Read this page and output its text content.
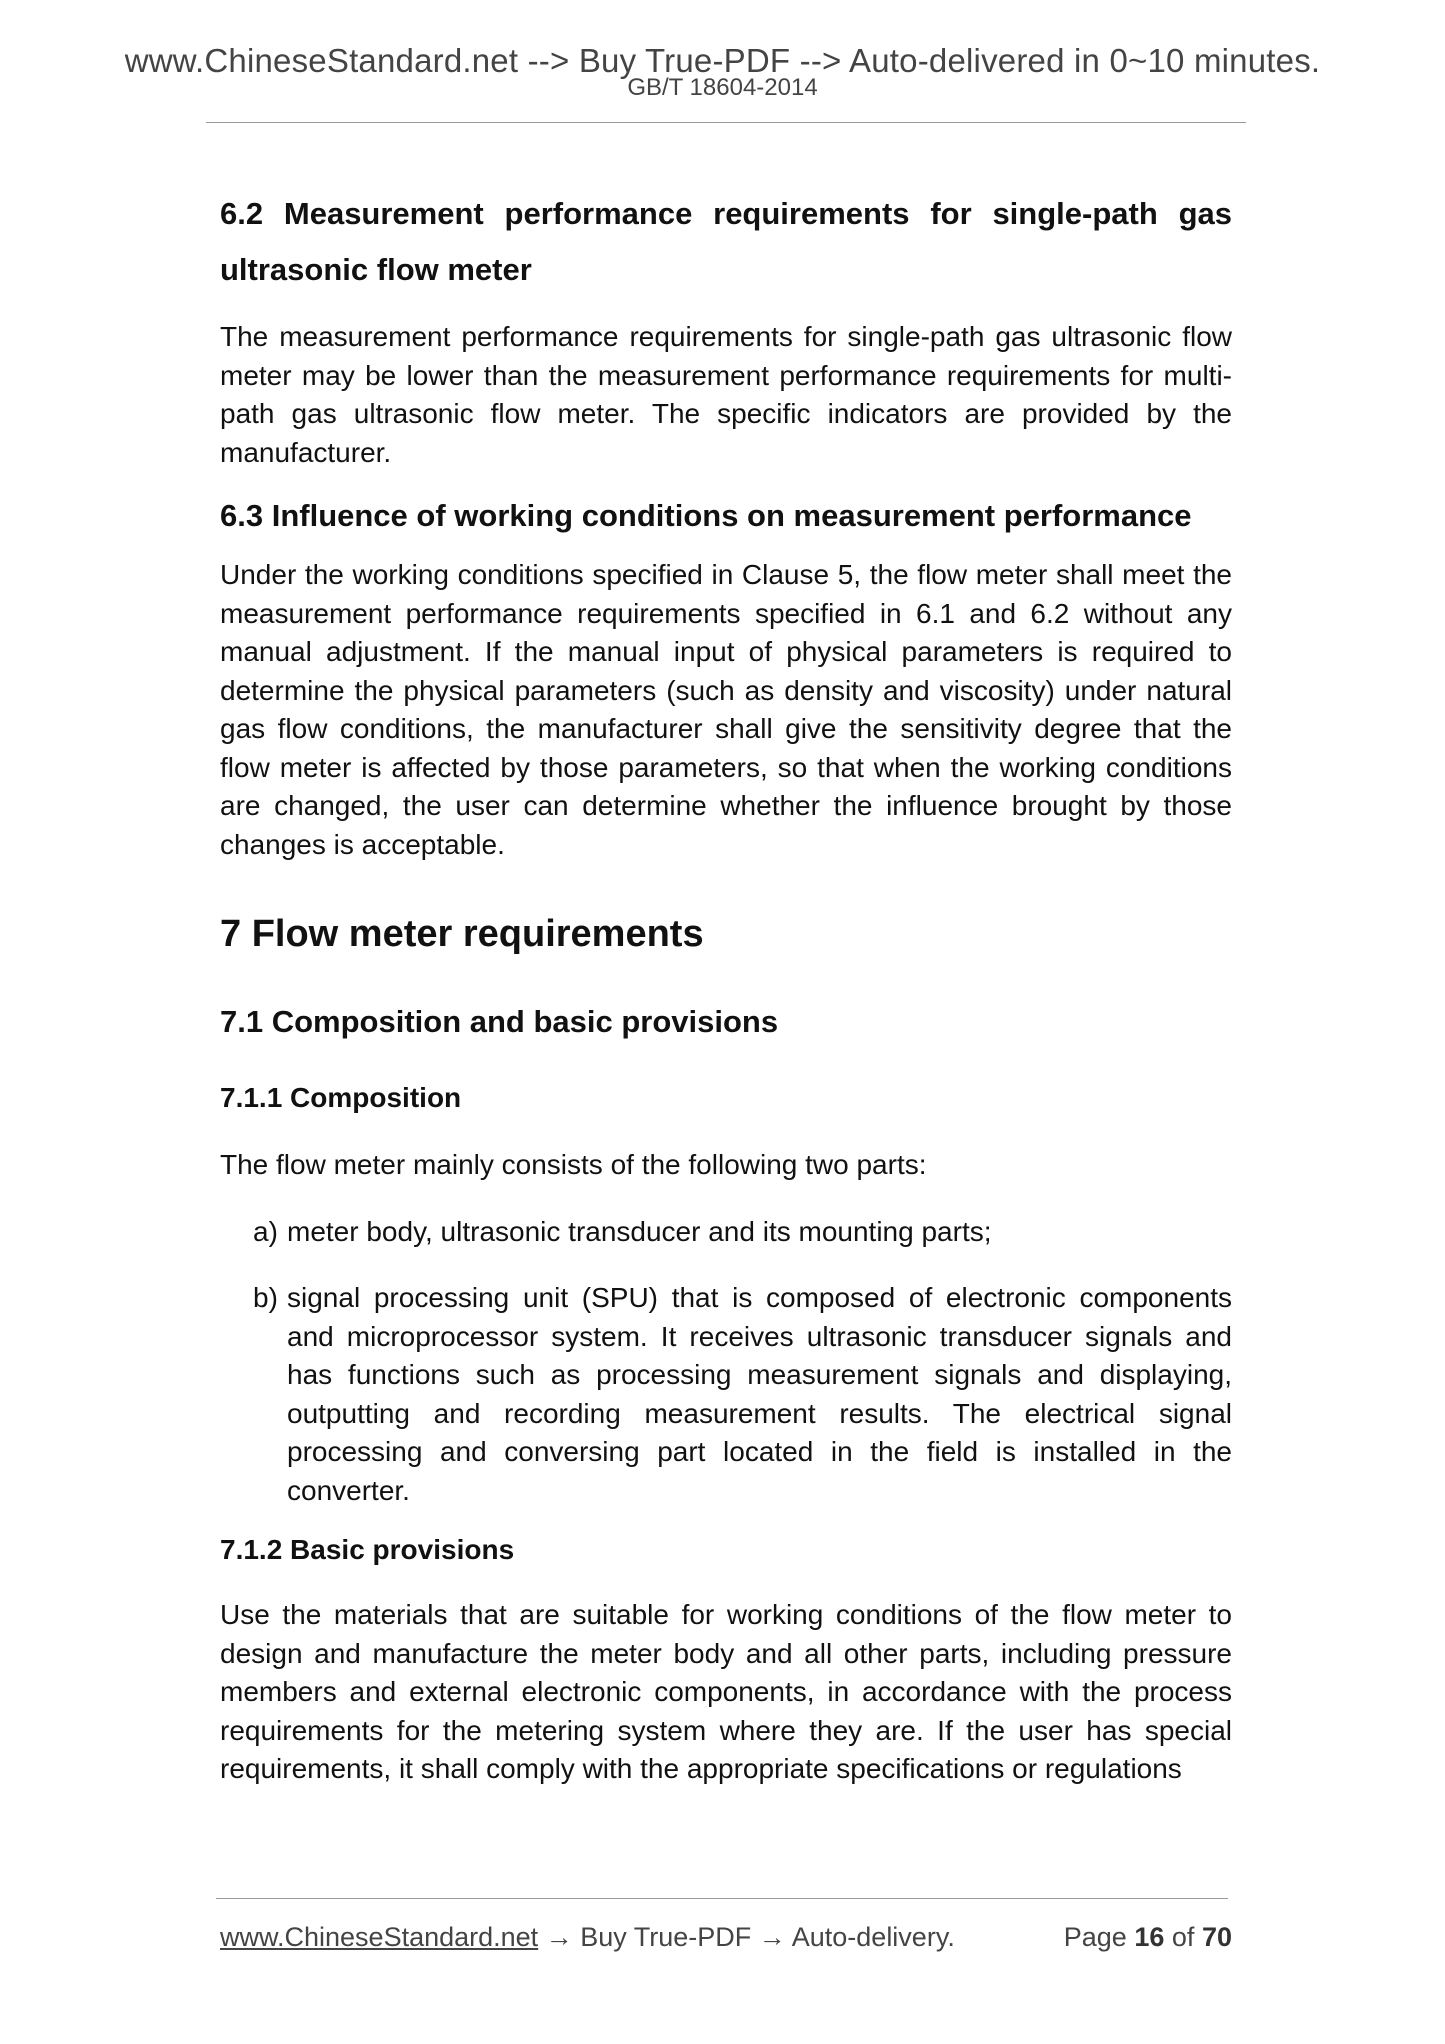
www.ChineseStandard.net --> Buy True-PDF --> Auto-delivered in 0~10 minutes.
GB/T 18604-2014
6.2 Measurement performance requirements for single-path gas ultrasonic flow meter

The measurement performance requirements for single-path gas ultrasonic flow meter may be lower than the measurement performance requirements for multi-path gas ultrasonic flow meter. The specific indicators are provided by the manufacturer.

6.3 Influence of working conditions on measurement performance

Under the working conditions specified in Clause 5, the flow meter shall meet the measurement performance requirements specified in 6.1 and 6.2 without any manual adjustment. If the manual input of physical parameters is required to determine the physical parameters (such as density and viscosity) under natural gas flow conditions, the manufacturer shall give the sensitivity degree that the flow meter is affected by those parameters, so that when the working conditions are changed, the user can determine whether the influence brought by those changes is acceptable.

7 Flow meter requirements
7.1 Composition and basic provisions
7.1.1 Composition

The flow meter mainly consists of the following two parts:

a) meter body, ultrasonic transducer and its mounting parts;
b) signal processing unit (SPU) that is composed of electronic components and microprocessor system. It receives ultrasonic transducer signals and has functions such as processing measurement signals and displaying, outputting and recording measurement results. The electrical signal processing and conversing part located in the field is installed in the converter.
7.1.2 Basic provisions

Use the materials that are suitable for working conditions of the flow meter to design and manufacture the meter body and all other parts, including pressure members and external electronic components, in accordance with the process requirements for the metering system where they are. If the user has special requirements, it shall comply with the appropriate specifications or regulations

www.ChineseStandard.net → Buy True-PDF → Auto-delivery.	Page 16 of 70
